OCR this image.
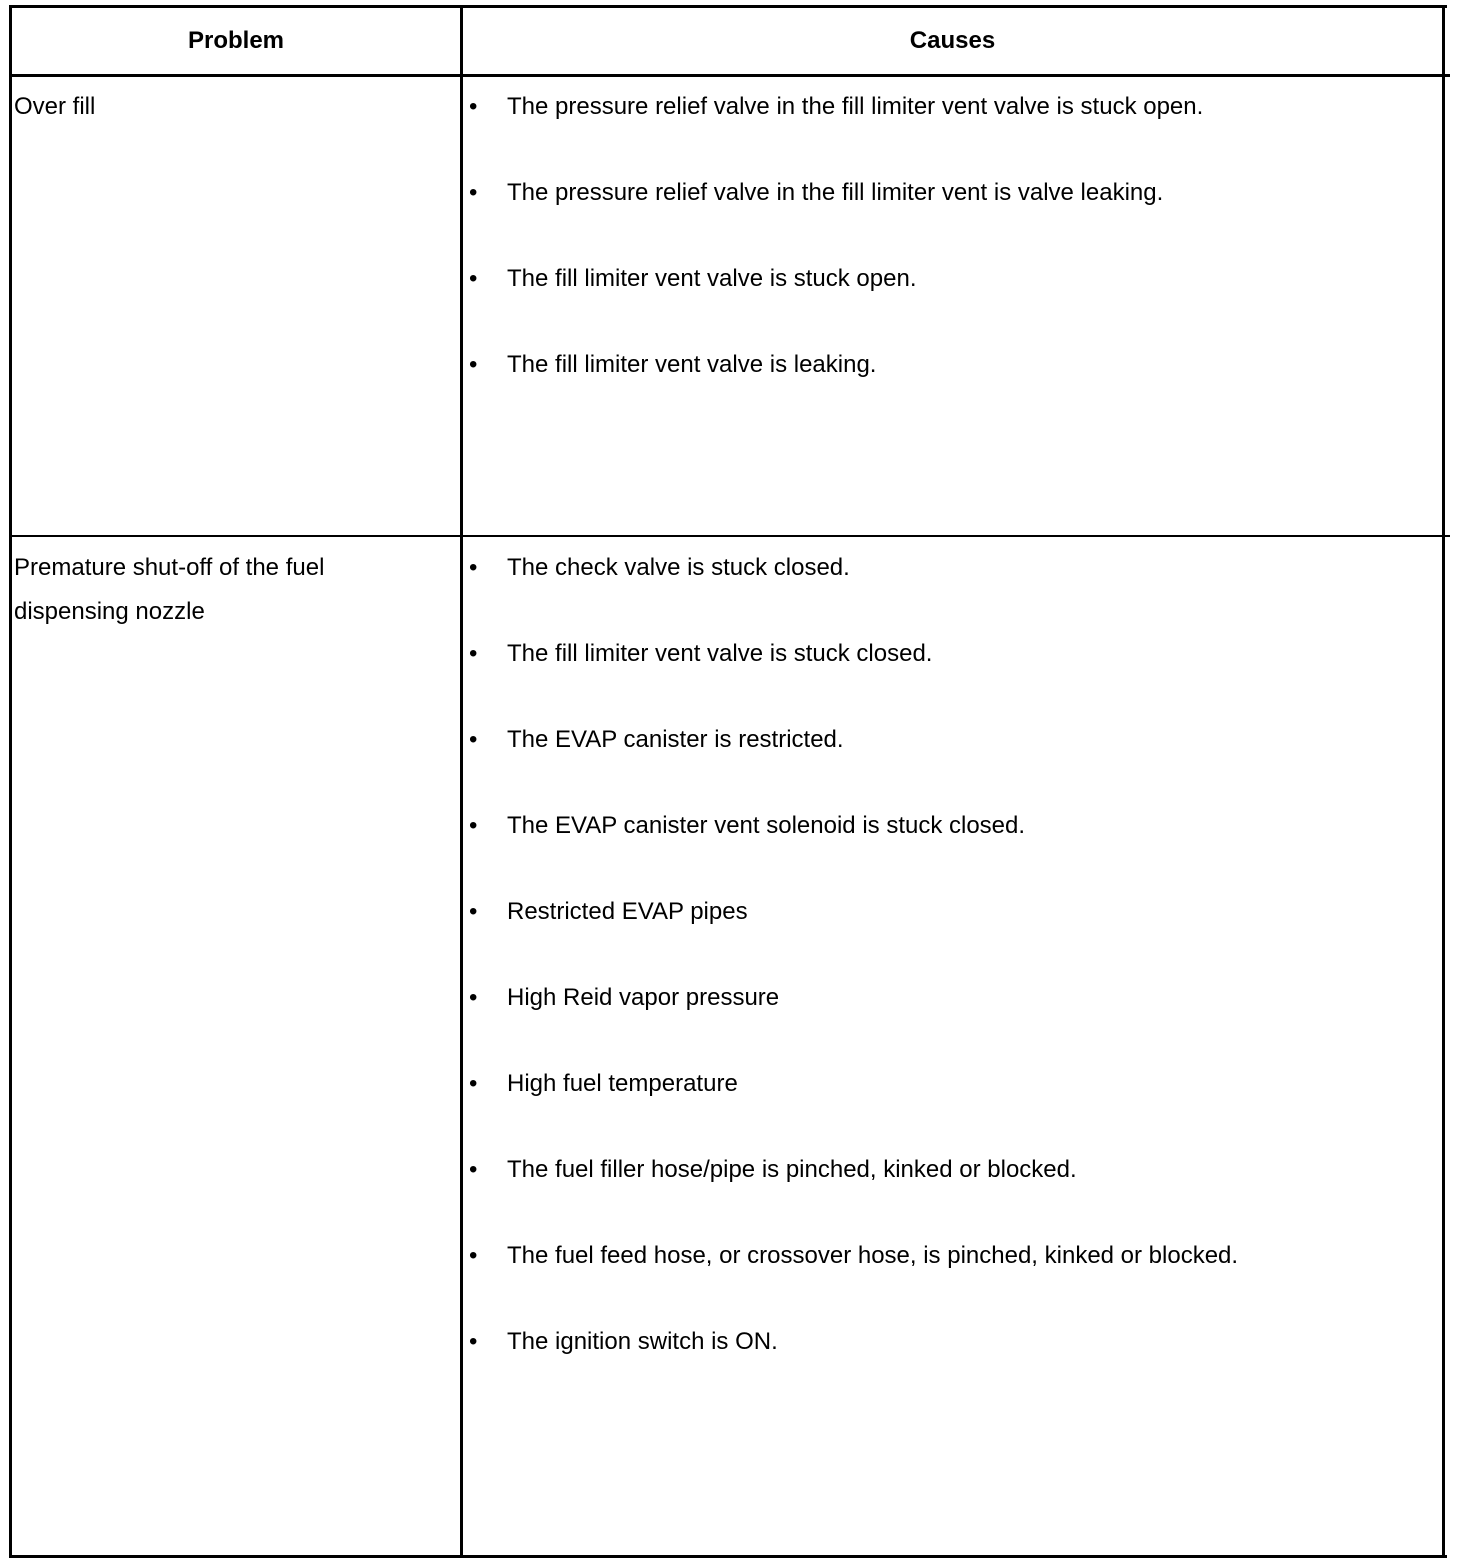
Problem	Causes
Over fill	• The pressure relief valve in the fill limiter vent valve is stuck open.
• The pressure relief valve in the fill limiter vent is valve leaking.
• The fill limiter vent valve is stuck open.
• The fill limiter vent valve is leaking.
Premature shut-off of the fuel dispensing nozzle
• The check valve is stuck closed.
• The fill limiter vent valve is stuck closed.
• The EVAP canister is restricted.
• The EVAP canister vent solenoid is stuck closed.
• Restricted EVAP pipes
• High Reid vapor pressure
• High fuel temperature
• The fuel filler hose/pipe is pinched, kinked or blocked.
• The fuel feed hose, or crossover hose, is pinched, kinked or blocked.
• The ignition switch is ON.
